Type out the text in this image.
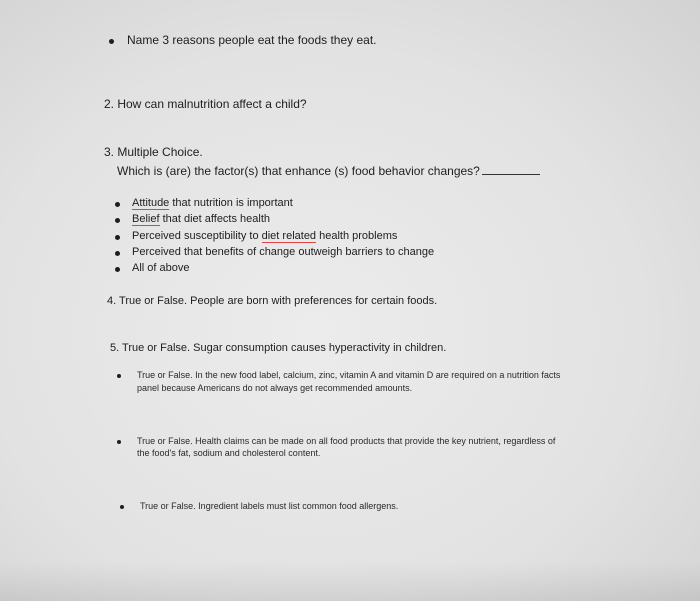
Name 3 reasons people eat the foods they eat.
2. How can malnutrition affect a child?
3. Multiple Choice.
Which is (are) the factor(s) that enhance (s) food behavior changes?
Attitude that nutrition is important
Belief that diet affects health
Perceived susceptibility to diet related health problems
Perceived that benefits of change outweigh barriers to change
All of above
4. True or False. People are born with preferences for certain foods.
5. True or False. Sugar consumption causes hyperactivity in children.
True or False. In the new food label, calcium, zinc, vitamin A and vitamin D are required on a nutrition facts
panel because Americans do not always get recommended amounts.
True or False. Health claims can be made on all food products that provide the key nutrient, regardless of
the food's fat, sodium and cholesterol content.
True or False. Ingredient labels must list common food allergens.
